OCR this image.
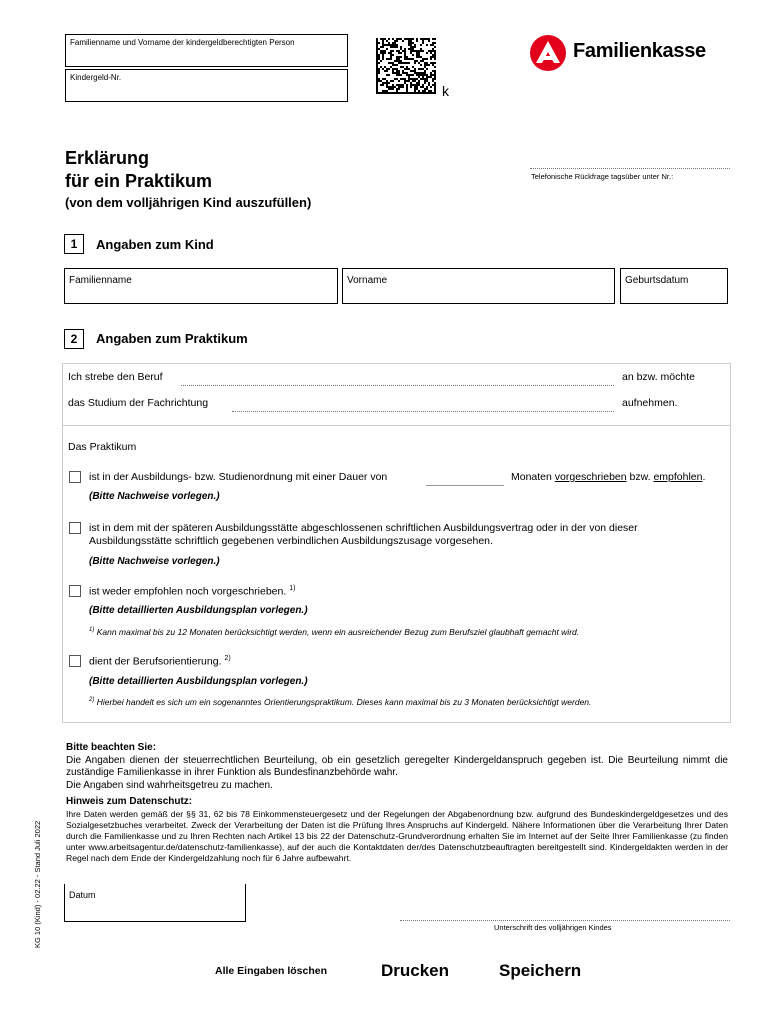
Familienname und Vorname der kindergeldberechtigten Person
Kindergeld-Nr.
k
Familienkasse
Erklärung
für ein Praktikum
(von dem volljährigen Kind auszufüllen)
Telefonische Rückfrage tagsüber unter Nr.:
1	Angaben zum Kind
Familienname	Vorname	Geburtsdatum
2	Angaben zum Praktikum
Ich strebe den Beruf	an bzw. möchte
das Studium der Fachrichtung	aufnehmen.
Das Praktikum
ist in der Ausbildungs- bzw. Studienordnung mit einer Dauer von	Monaten vorgeschrieben bzw. empfohlen.
(Bitte Nachweise vorlegen.)
ist in dem mit der späteren Ausbildungsstätte abgeschlossenen schriftlichen Ausbildungsvertrag oder in der von dieser Ausbildungsstätte schriftlich gegebenen verbindlichen Ausbildungszusage vorgesehen.
(Bitte Nachweise vorlegen.)
ist weder empfohlen noch vorgeschrieben. $^{1)}$
(Bitte detaillierten Ausbildungsplan vorlegen.)
$^{1)}$ Kann maximal bis zu 12 Monaten berücksichtigt werden, wenn ein ausreichender Bezug zum Berufsziel glaubhaft gemacht wird.
dient der Berufsorientierung. $^{2)}$
(Bitte detaillierten Ausbildungsplan vorlegen.)
$^{2)}$ Hierbei handelt es sich um ein sogenanntes Orientierungspraktikum. Dieses kann maximal bis zu 3 Monaten berücksichtigt werden.
Bitte beachten Sie:
Die Angaben dienen der steuerrechtlichen Beurteilung, ob ein gesetzlich geregelter Kindergeldanspruch gegeben ist. Die Beurteilung nimmt die zuständige Familienkasse in ihrer Funktion als Bundesfinanzbehörde wahr.
Die Angaben sind wahrheitsgetreu zu machen.
Hinweis zum Datenschutz:
Ihre Daten werden gemäß der §§ 31, 62 bis 78 Einkommensteuergesetz und der Regelungen der Abgabenordnung bzw. aufgrund des Bundeskindergeldgesetzes und des Sozialgesetzbuches verarbeitet. Zweck der Verarbeitung der Daten ist die Prüfung Ihres Anspruchs auf Kindergeld. Nähere Informationen über die Verarbeitung Ihrer Daten durch die Familienkasse und zu Ihren Rechten nach Artikel 13 bis 22 der Datenschutz-Grundverordnung erhalten Sie im Internet auf der Seite Ihrer Familienkasse (zu finden unter www.arbeitsagentur.de/datenschutz-familienkasse), auf der auch die Kontaktdaten der/des Datenschutzbeauftragten bereitgestellt sind. Kindergeldakten werden in der Regel nach dem Ende der Kindergeldzahlung noch für 6 Jahre aufbewahrt.
KG 10 (Kind) - 02.22 - Stand Juli 2022	Datum
Unterschrift des volljährigen Kindes
Alle Eingaben löschen	Drucken	Speichern
